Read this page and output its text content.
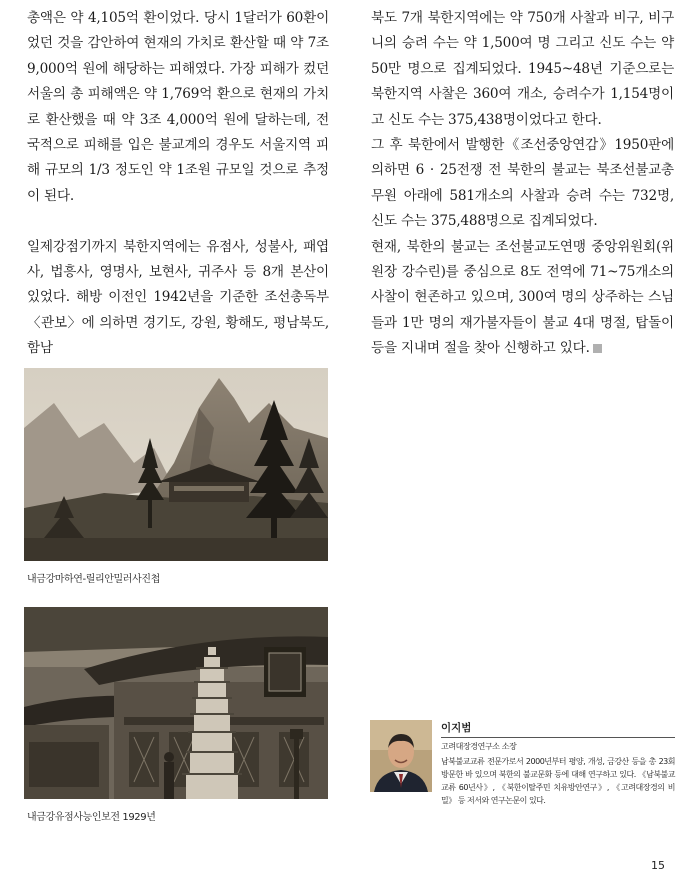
총액은 약 4,105억 환이었다. 당시 1달러가 60환이었던 것을 감안하여 현재의 가치로 환산할 때 약 7조 9,000억 원에 해당하는 피해였다. 가장 피해가 컸던 서울의 총 피해액은 약 1,769억 환으로 현재의 가치로 환산했을 때 약 3조 4,000억 원에 달하는데, 전국적으로 피해를 입은 불교계의 경우도 서울지역 피해 규모의 1/3 정도인 약 1조원 규모일 것으로 추정이 된다.

일제강점기까지 북한지역에는 유점사, 성불사, 패엽사, 법흥사, 영명사, 보현사, 귀주사 등 8개 본산이 있었다. 해방 이전인 1942년을 기준한 조선총독부 〈관보〉에 의하면 경기도, 강원, 황해도, 평남북도, 함남

북도 7개 북한지역에는 약 750개 사찰과 비구, 비구니의 승려 수는 약 1,500여 명 그리고 신도 수는 약 50만 명으로 집계되었다. 1945~48년 기준으로는 북한지역 사찰은 360여 개소, 승려수가 1,154명이고 신도 수는 375,438명이었다고 한다.

그 후 북한에서 발행한《조선중앙연감》1950판에 의하면 6 · 25전쟁 전 북한의 불교는 북조선불교총무원 아래에 581개소의 사찰과 승려 수는 732명, 신도 수는 375,488명으로 집계되었다.

현재, 북한의 불교는 조선불교도연맹 중앙위원회(위원장 강수린)를 중심으로 8도 전역에 71~75개소의 사찰이 현존하고 있으며, 300여 명의 상주하는 스님들과 1만 명의 재가불자들이 불교 4대 명절, 탑돌이 등을 지내며 절을 찾아 신행하고 있다.

내금강마하연-릴리안밀러사진첩
내금강유점사능인보전 1929년
이지범
고려대장경연구소 소장
남북불교교류 전문가로서 2000년부터 평양, 개성, 금강산 등을 총 23회 방문한 바 있으며 북한의 불교문화 등에 대해 연구하고 있다. 《남북불교교류 60년사》, 《북한이탈주민 치유방안연구》, 《고려대장경의 비밀》 등 저서와 연구논문이 있다.
15
